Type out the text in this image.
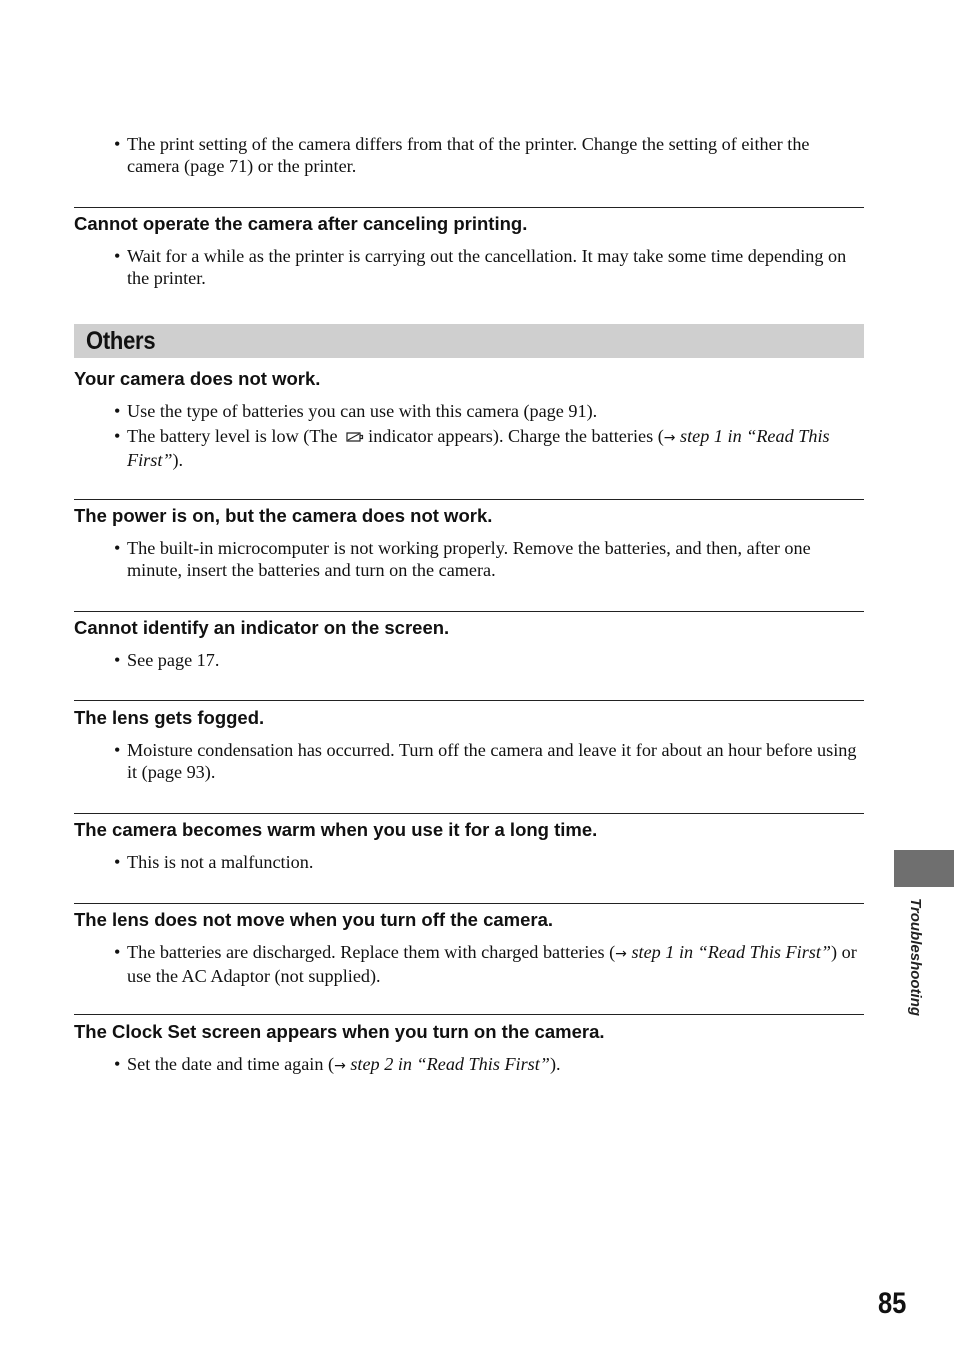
• The print setting of the camera differs from that of the printer. Change the setting of either the camera (page 71) or the printer.
Cannot operate the camera after canceling printing.
• Wait for a while as the printer is carrying out the cancellation. It may take some time depending on the printer.
Others
Your camera does not work.
• Use the type of batteries you can use with this camera (page 91).
• The battery level is low (The indicator appears). Charge the batteries (→ step 1 in “Read This First”).
The power is on, but the camera does not work.
• The built-in microcomputer is not working properly. Remove the batteries, and then, after one minute, insert the batteries and turn on the camera.
Cannot identify an indicator on the screen.
• See page 17.
The lens gets fogged.
• Moisture condensation has occurred. Turn off the camera and leave it for about an hour before using it (page 93).
The camera becomes warm when you use it for a long time.
• This is not a malfunction.
The lens does not move when you turn off the camera.
• The batteries are discharged. Replace them with charged batteries (→ step 1 in “Read This First”) or use the AC Adaptor (not supplied).
The Clock Set screen appears when you turn on the camera.
• Set the date and time again (→ step 2 in “Read This First”).
Troubleshooting
85
